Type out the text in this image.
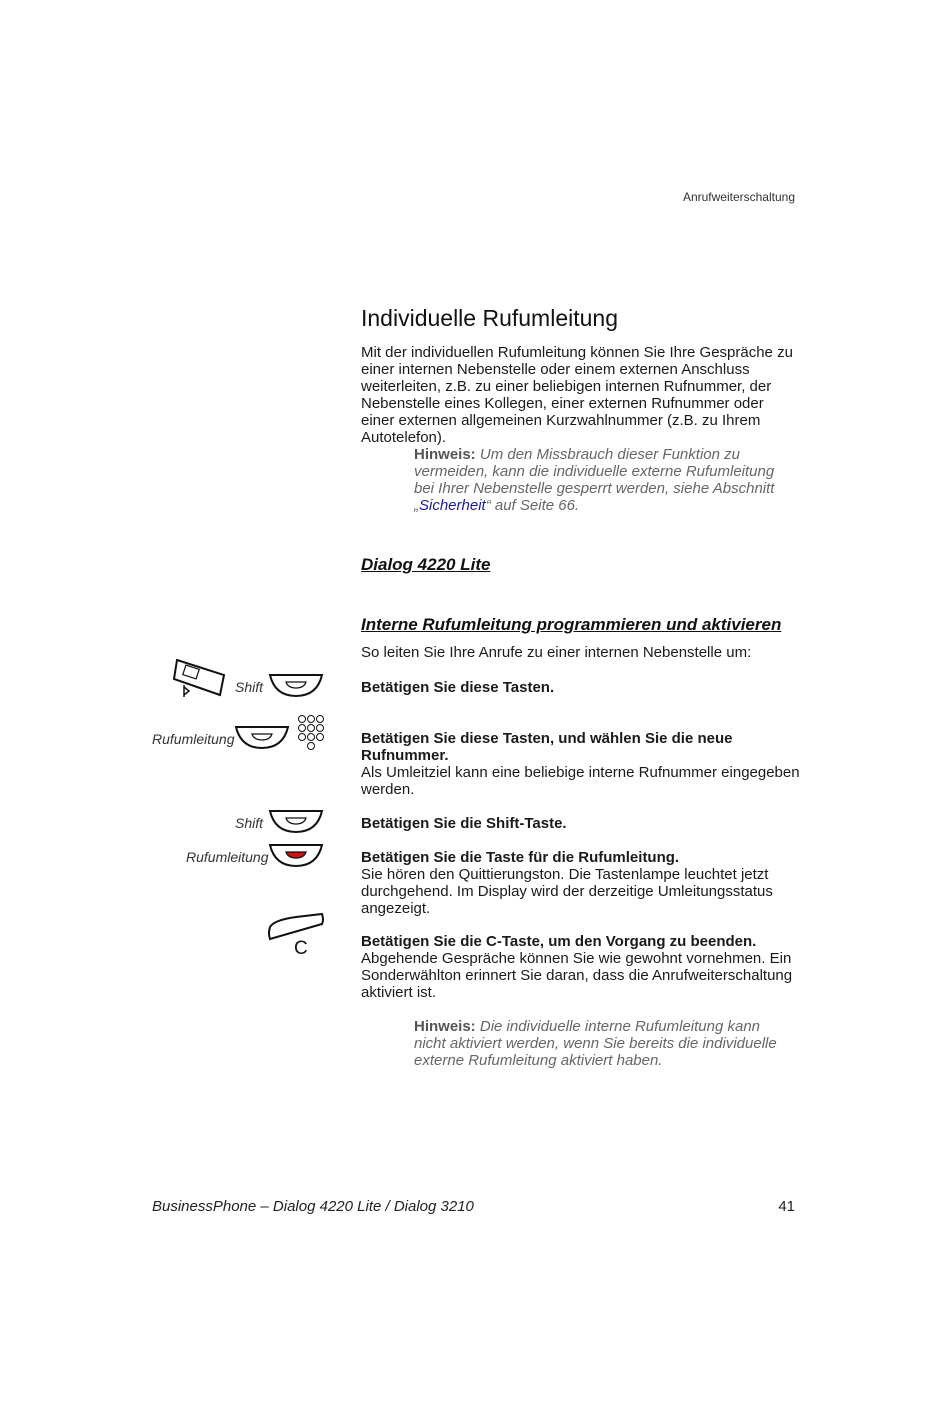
Anrufweiterschaltung
Individuelle Rufumleitung

Mit der individuellen Rufumleitung können Sie Ihre Gespräche zu einer internen Nebenstelle oder einem externen Anschluss weiterleiten, z.B. zu einer beliebigen internen Rufnummer, der Nebenstelle eines Kollegen, einer externen Rufnummer oder einer externen allgemeinen Kurzwahlnummer (z.B. zu Ihrem Autotelefon).

Hinweis: Um den Missbrauch dieser Funktion zu vermeiden, kann die individuelle externe Rufumleitung bei Ihrer Nebenstelle gesperrt werden, siehe Abschnitt „Sicherheit“ auf Seite 66.

Dialog 4220 Lite
Interne Rufumleitung programmieren und aktivieren

So leiten Sie Ihre Anrufe zu einer internen Nebenstelle um:

Shift	Betätigen Sie diese Tasten.
Rufumleitung	Betätigen Sie diese Tasten, und wählen Sie die neue Rufnummer.
Als Umleitziel kann eine beliebige interne Rufnummer eingegeben werden.
Shift	Betätigen Sie die Shift-Taste.
Rufumleitung	Betätigen Sie die Taste für die Rufumleitung.
Sie hören den Quittierungston. Die Tastenlampe leuchtet jetzt durchgehend. Im Display wird der derzeitige Umleitungsstatus angezeigt.
C	Betätigen Sie die C-Taste, um den Vorgang zu beenden.
Abgehende Gespräche können Sie wie gewohnt vornehmen. Ein Sonderwählton erinnert Sie daran, dass die Anrufweiterschaltung aktiviert ist.

Hinweis: Die individuelle interne Rufumleitung kann nicht aktiviert werden, wenn Sie bereits die individuelle externe Rufumleitung aktiviert haben.

BusinessPhone – Dialog 4220 Lite / Dialog 3210	41
